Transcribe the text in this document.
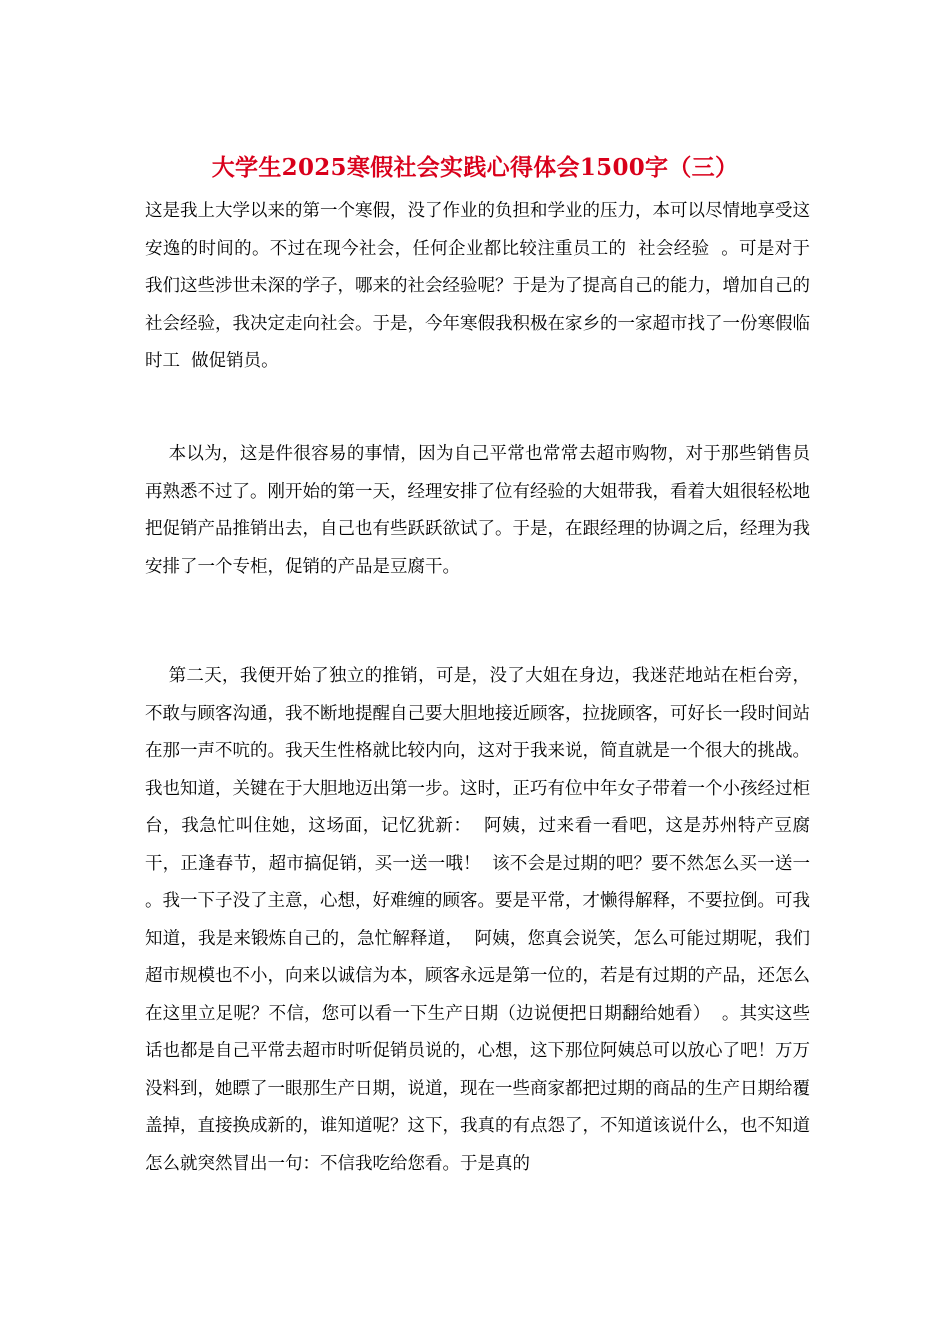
大学生2025寒假社会实践心得体会1500字（三）
这是我上大学以来的第一个寒假，没了作业的负担和学业的压力，本可以尽情地享受这安逸的时间的。不过在现今社会，任何企业都比较注重员工的  社会经验  。可是对于我们这些涉世未深的学子，哪来的社会经验呢？于是为了提高自己的能力，增加自己的社会经验，我决定走向社会。于是，今年寒假我积极在家乡的一家超市找了一份寒假临时工  做促销员。
本以为，这是件很容易的事情，因为自己平常也常常去超市购物，对于那些销售员再熟悉不过了。刚开始的第一天，经理安排了位有经验的大姐带我，看着大姐很轻松地把促销产品推销出去，自己也有些跃跃欲试了。于是，在跟经理的协调之后，经理为我安排了一个专柜，促销的产品是豆腐干。
第二天，我便开始了独立的推销，可是，没了大姐在身边，我迷茫地站在柜台旁，不敢与顾客沟通，我不断地提醒自己要大胆地接近顾客，拉拢顾客，可好长一段时间站在那一声不吭的。我天生性格就比较内向，这对于我来说，简直就是一个很大的挑战。我也知道，关键在于大胆地迈出第一步。这时，正巧有位中年女子带着一个小孩经过柜台，我急忙叫住她，这场面，记忆犹新：  阿姨，过来看一看吧，这是苏州特产豆腐干，正逢春节，超市搞促销，买一送一哦！  该不会是过期的吧？要不然怎么买一送一  。我一下子没了主意，心想，好难缠的顾客。要是平常，才懒得解释，不要拉倒。可我知道，我是来锻炼自己的，急忙解释道，  阿姨，您真会说笑，怎么可能过期呢，我们超市规模也不小，向来以诚信为本，顾客永远是第一位的，若是有过期的产品，还怎么在这里立足呢？不信，您可以看一下生产日期（边说便把日期翻给她看）  。其实这些话也都是自己平常去超市时听促销员说的，心想，这下那位阿姨总可以放心了吧！万万没料到，她瞟了一眼那生产日期，说道，现在一些商家都把过期的商品的生产日期给覆盖掉，直接换成新的，谁知道呢？这下，我真的有点怨了，不知道该说什么，也不知道怎么就突然冒出一句：不信我吃给您看。于是真的
